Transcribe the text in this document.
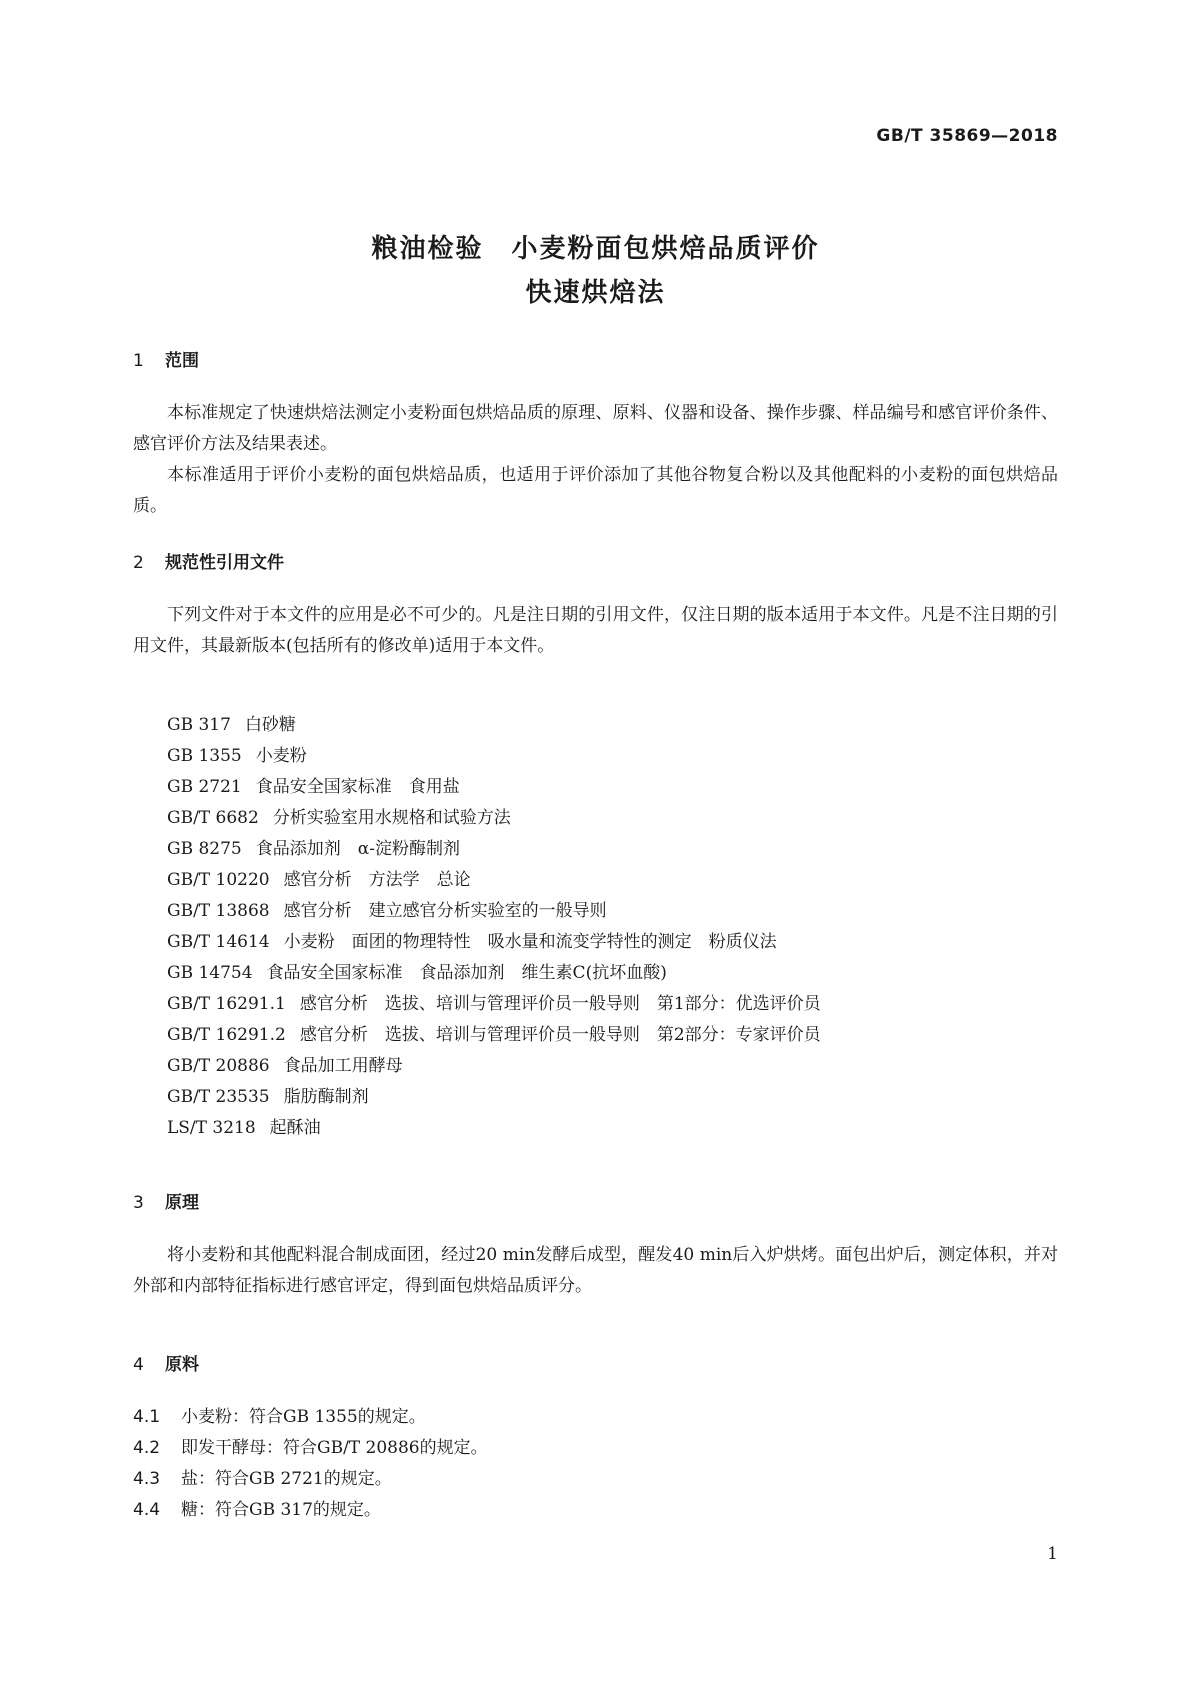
GB/T 35869—2018
粮油检验　小麦粉面包烘焙品质评价
快速烘焙法
1 范围
本标准规定了快速烘焙法测定小麦粉面包烘焙品质的原理、原料、仪器和设备、操作步骤、样品编号和感官评价条件、感官评价方法及结果表述。
本标准适用于评价小麦粉的面包烘焙品质，也适用于评价添加了其他谷物复合粉以及其他配料的小麦粉的面包烘焙品质。
2 规范性引用文件
下列文件对于本文件的应用是必不可少的。凡是注日期的引用文件，仅注日期的版本适用于本文件。凡是不注日期的引用文件，其最新版本(包括所有的修改单)适用于本文件。
GB 317 白砂糖
GB 1355 小麦粉
GB 2721 食品安全国家标准　食用盐
GB/T 6682 分析实验室用水规格和试验方法
GB 8275 食品添加剂　α-淀粉酶制剂
GB/T 10220 感官分析　方法学　总论
GB/T 13868 感官分析　建立感官分析实验室的一般导则
GB/T 14614 小麦粉　面团的物理特性　吸水量和流变学特性的测定　粉质仪法
GB 14754 食品安全国家标准　食品添加剂　维生素C(抗坏血酸)
GB/T 16291.1 感官分析　选拔、培训与管理评价员一般导则　第1部分：优选评价员
GB/T 16291.2 感官分析　选拔、培训与管理评价员一般导则　第2部分：专家评价员
GB/T 20886 食品加工用酵母
GB/T 23535 脂肪酶制剂
LS/T 3218 起酥油
3 原理
将小麦粉和其他配料混合制成面团，经过20 min发酵后成型，醒发40 min后入炉烘烤。面包出炉后，测定体积，并对外部和内部特征指标进行感官评定，得到面包烘焙品质评分。
4 原料
4.1 小麦粉：符合GB 1355的规定。
4.2 即发干酵母：符合GB/T 20886的规定。
4.3 盐：符合GB 2721的规定。
4.4 糖：符合GB 317的规定。
1
